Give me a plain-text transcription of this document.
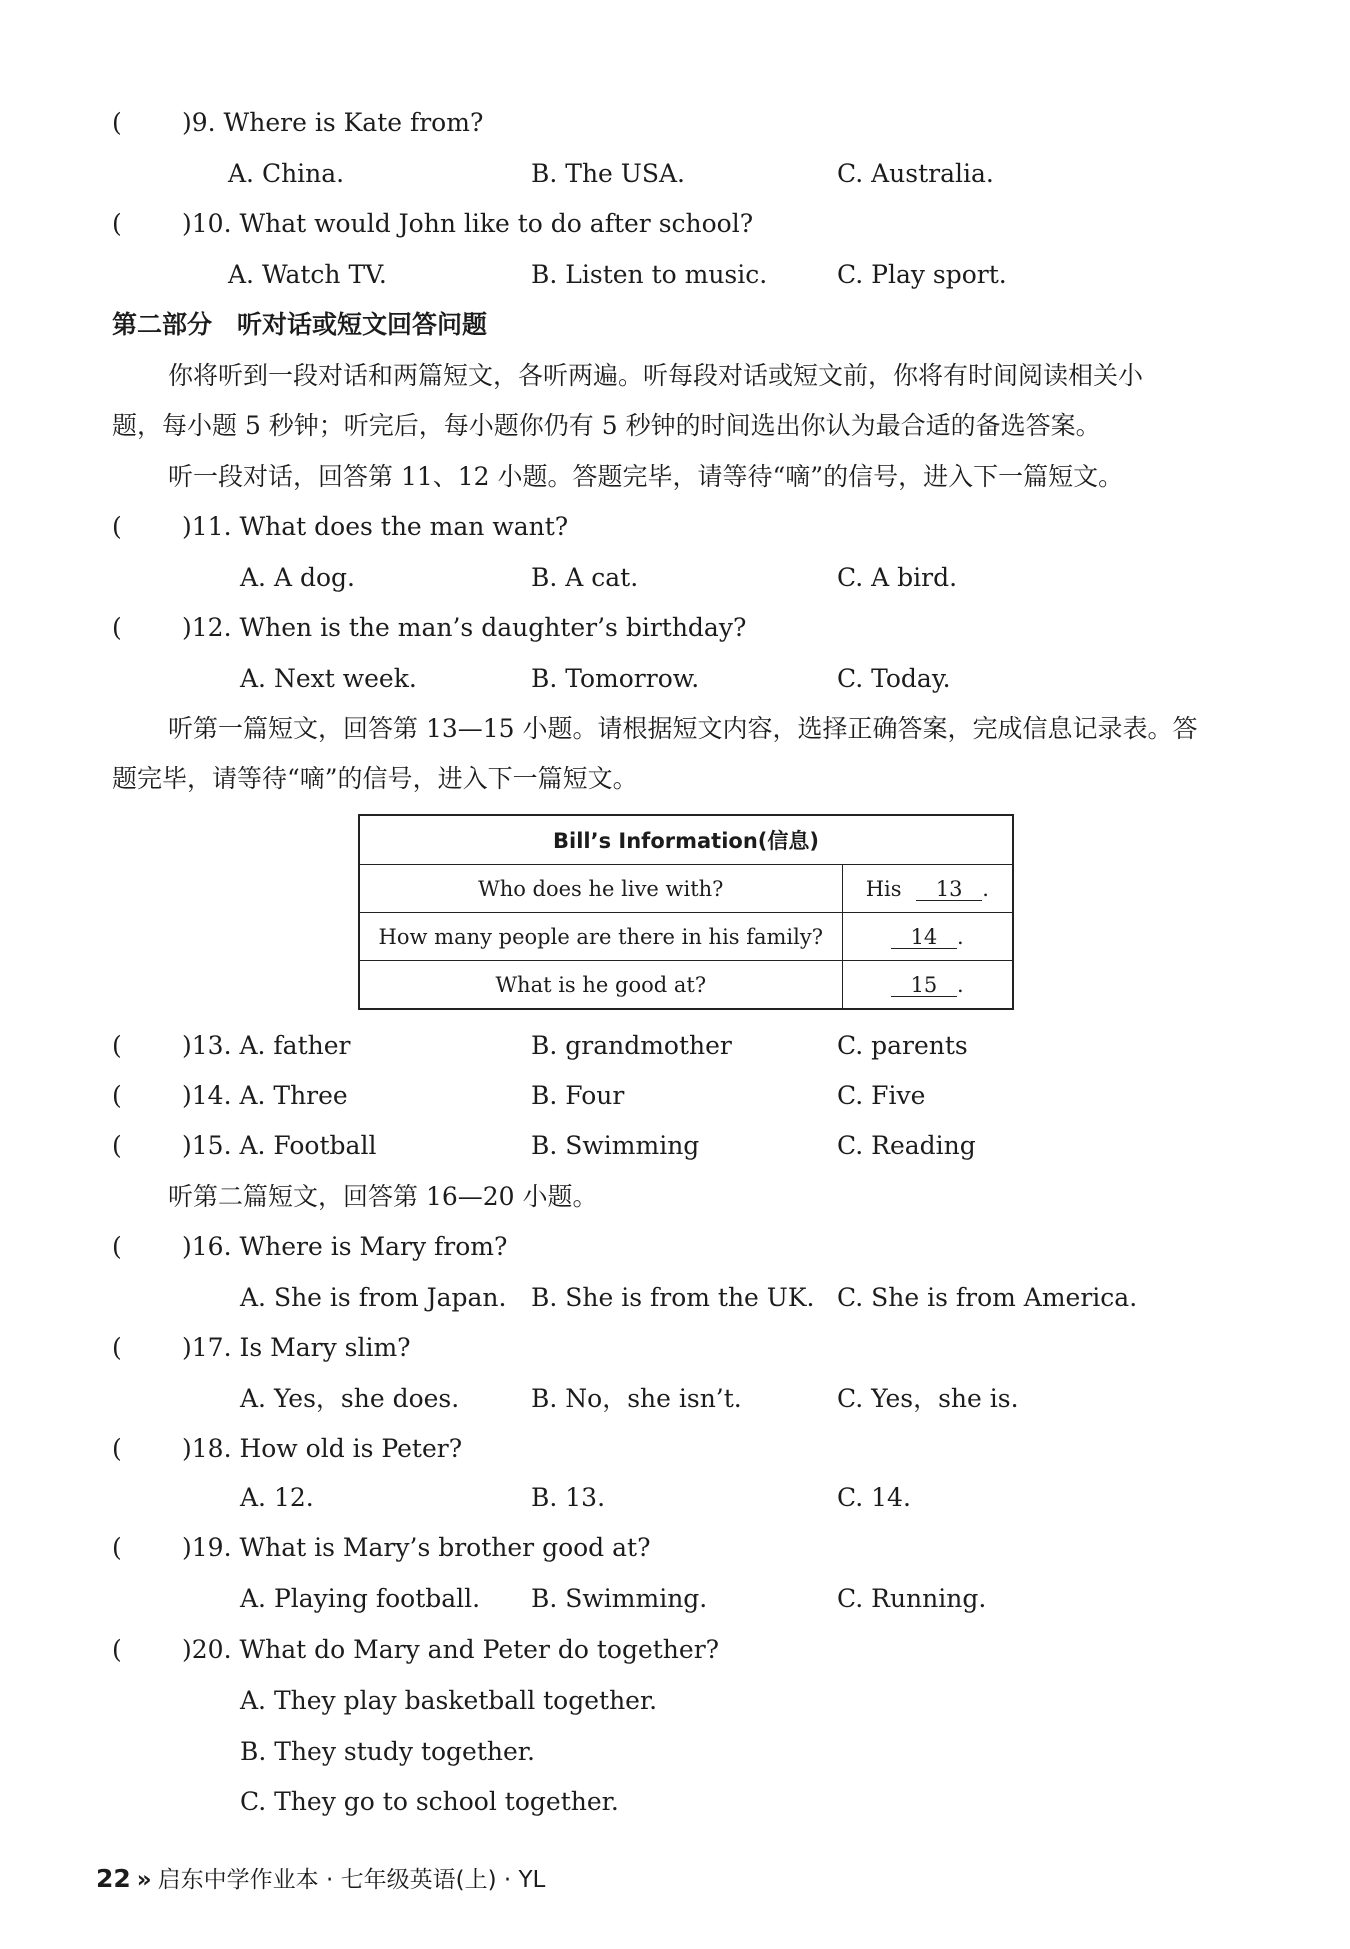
( )9. Where is Kate from?
A. China.	B. The USA.	C. Australia.
( )10. What would John like to do after school?
A. Watch TV.	B. Listen to music.	C. Play sport.
第二部分　听对话或短文回答问题
你将听到一段对话和两篇短文，各听两遍。听每段对话或短文前，你将有时间阅读相关小
题，每小题 5 秒钟；听完后，每小题你仍有 5 秒钟的时间选出你认为最合适的备选答案。
听一段对话，回答第 11、12 小题。答题完毕，请等待“嘀”的信号，进入下一篇短文。
( )11. What does the man want?
A. A dog.	B. A cat.	C. A bird.
( )12. When is the man’s daughter’s birthday?
A. Next week.	B. Tomorrow.	C. Today.
听第一篇短文，回答第 13—15 小题。请根据短文内容，选择正确答案，完成信息记录表。答
题完毕，请等待“嘀”的信号，进入下一篇短文。
Bill’s Information(信息)	
Who does he live with?	His 13 .
How many people are there in his family?	14 .
What is he good at?	15 .
( )13. A. father	B. grandmother	C. parents
( )14. A. Three	B. Four	C. Five
( )15. A. Football	B. Swimming	C. Reading
听第二篇短文，回答第 16—20 小题。
( )16. Where is Mary from?
A. She is from Japan. B. She is from the UK. C. She is from America.
( )17. Is Mary slim?
A. Yes，she does.	B. No，she isn’t.	C. Yes，she is.
( )18. How old is Peter?
A. 12.	B. 13.	C. 14.
( )19. What is Mary’s brother good at?
A. Playing football. B. Swimming.	C. Running.
( )20. What do Mary and Peter do together?
A. They play basketball together.
B. They study together.
C. They go to school together.
22 » 启东中学作业本 · 七年级英语(上) · YL
